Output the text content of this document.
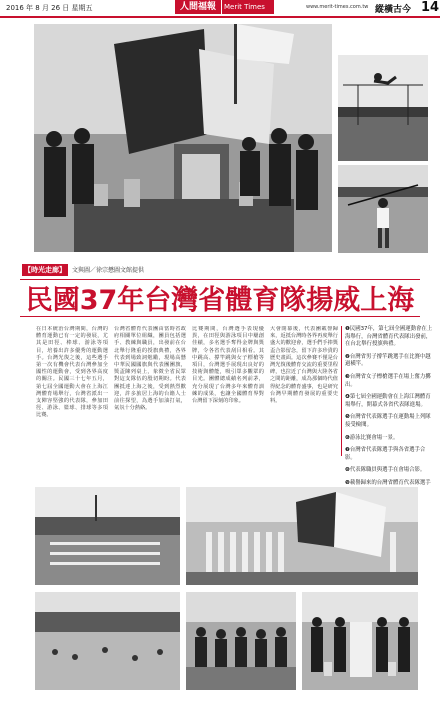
2016 年 8 月 26 日 星期五	人間福報	Merit Times	www.merit-times.com.tw 縱橫古今 14
【時光走廊】	文與圖／徐宗懋圖文館提供
民國37年台灣省體育隊揚威上海
在日本統治台灣期間，台灣的體育運動已有一定的發展，尤其是田徑、棒球、游泳等項目，培養出許多優秀的運動選手。台灣光復之後，這些選手第一次有機會代表台灣參加全國性的運動會，受到各界高度的關注。民國三十七年五月，第七屆全國運動大會在上海江灣體育場舉行，台灣省派出一支陣容堅強的代表隊，參加田徑、游泳、籃球、排球等多項比賽。
台灣省體育代表團由當時省政府相關單位組織，團員包括選手、教練與職員，出發前在台北舉行隆重的授旗典禮，各界代表到場致詞勉勵，現場高懸中華民國國旗與代表團團旗，獎盃陳列桌上，象徵全省民眾對這支隊伍的殷切期盼。代表團抵達上海之後，受到熱烈歡迎，許多旅居上海的台籍人士前往探望，為選手加油打氣，氣氛十分熱絡。
比賽期間，台灣選手表現優異，在田徑與游泳項目中屢創佳績，多名選手奪得金牌與獎牌，令各省代表刮目相看。其中跳高、撐竿跳與女子標槍等項目，台灣選手展現出良好的技術與體能，吸引眾多觀眾的目光。團體總成績名列前茅，充分展現了台灣多年來體育訓練的成果，也讓全國體育界對台灣留下深刻的印象。
大會閉幕後，代表團載譽歸來，返抵台灣時各界再度舉行盛大的歡迎會，選手們手捧獎盃合影留念，留下許多珍貴的歷史畫面。這次參賽不僅是台灣光復後體育交流的重要里程碑，也拉近了台灣與大陸各省之間的距離，成為那個時代值得紀念的體育盛事，也是研究台灣早期體育發展的重要史料。

❶民國37年，第七屆全國運動會在上海舉行，台灣省體育代表隊出發前，在台北舉行授旗典禮。

❷台灣省男子撐竿跳選手在比賽中越過橫竿。

❸台灣省女子標槍選手在場上奮力擲出。

❹第七屆全國運動會在上海江灣體育場舉行，開幕式各省代表隊進場。

❺台灣省代表隊選手在運動場上列隊接受檢閱。

❻游泳比賽會場一景。

❼台灣省代表隊選手與各省選手合影。

❽代表隊職員與選手在會場合影。

❾載譽歸來的台灣省體育代表隊選手
